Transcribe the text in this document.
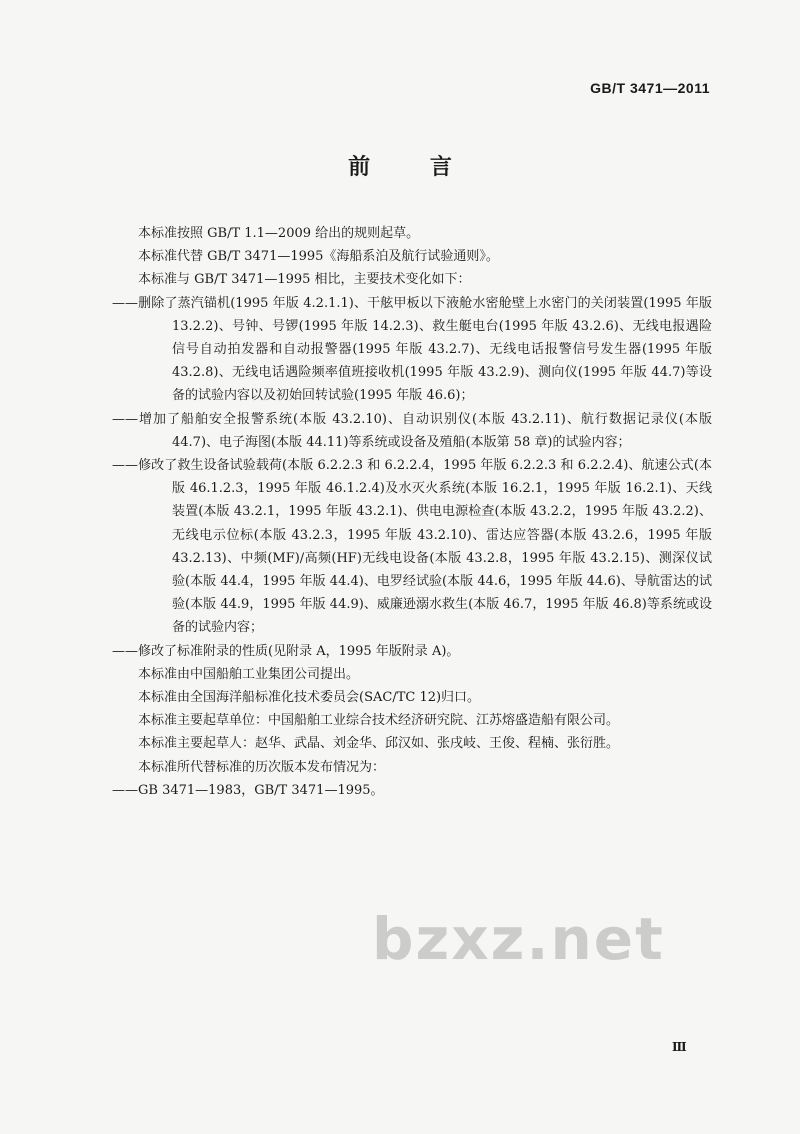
GB/T 3471—2011
前 言

本标准按照 GB/T 1.1—2009 给出的规则起草。

本标准代替 GB/T 3471—1995《海船系泊及航行试验通则》。

本标准与 GB/T 3471—1995 相比，主要技术变化如下：

——删除了蒸汽锚机(1995 年版 4.2.1.1)、干舷甲板以下液舱水密舱壁上水密门的关闭装置(1995 年版 13.2.2)、号钟、号锣(1995 年版 14.2.3)、救生艇电台(1995 年版 43.2.6)、无线电报遇险信号自动拍发器和自动报警器(1995 年版 43.2.7)、无线电话报警信号发生器(1995 年版 43.2.8)、无线电话遇险频率值班接收机(1995 年版 43.2.9)、测向仪(1995 年版 44.7)等设备的试验内容以及初始回转试验(1995 年版 46.6)；

——增加了船舶安全报警系统(本版 43.2.10)、自动识别仪(本版 43.2.11)、航行数据记录仪(本版 44.7)、电子海图(本版 44.11)等系统或设备及殖船(本版第 58 章)的试验内容；

——修改了救生设备试验载荷(本版 6.2.2.3 和 6.2.2.4，1995 年版 6.2.2.3 和 6.2.2.4)、航速公式(本版 46.1.2.3，1995 年版 46.1.2.4)及水灭火系统(本版 16.2.1，1995 年版 16.2.1)、天线装置(本版 43.2.1，1995 年版 43.2.1)、供电电源检查(本版 43.2.2，1995 年版 43.2.2)、无线电示位标(本版 43.2.3，1995 年版 43.2.10)、雷达应答器(本版 43.2.6，1995 年版 43.2.13)、中频(MF)/高频(HF)无线电设备(本版 43.2.8，1995 年版 43.2.15)、测深仪试验(本版 44.4，1995 年版 44.4)、电罗经试验(本版 44.6，1995 年版 44.6)、导航雷达的试验(本版 44.9，1995 年版 44.9)、威廉逊溺水救生(本版 46.7，1995 年版 46.8)等系统或设备的试验内容；

——修改了标准附录的性质(见附录 A，1995 年版附录 A)。

本标准由中国船舶工业集团公司提出。

本标准由全国海洋船标准化技术委员会(SAC/TC 12)归口。

本标准主要起草单位：中国船舶工业综合技术经济研究院、江苏熔盛造船有限公司。

本标准主要起草人：赵华、武晶、刘金华、邱汉如、张戌岐、王俊、程楠、张衍胜。

本标准所代替标准的历次版本发布情况为：

——GB 3471—1983，GB/T 3471—1995。

bzxz.net
Ⅲ
